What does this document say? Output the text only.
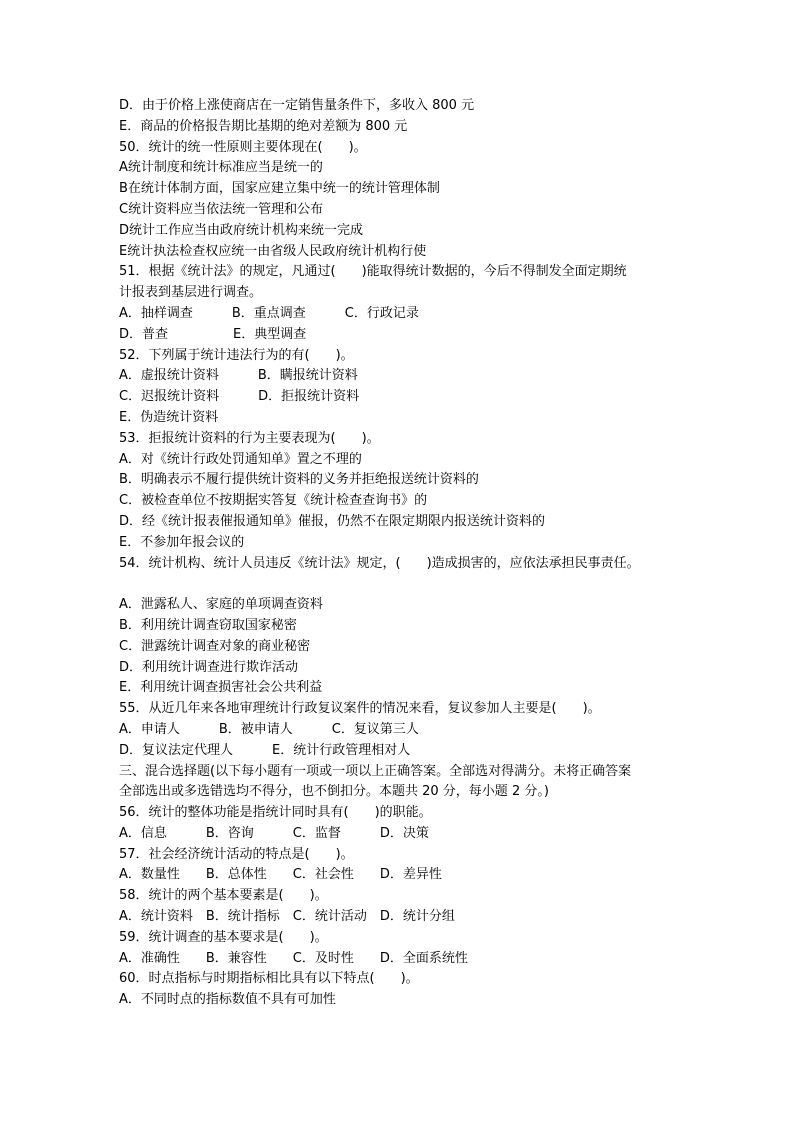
D．由于价格上涨使商店在一定销售量条件下，多收入 800 元
E．商品的价格报告期比基期的绝对差额为 800 元
50．统计的统一性原则主要体现在(　　)。
A统计制度和统计标准应当是统一的
B在统计体制方面，国家应建立集中统一的统计管理体制
C统计资料应当依法统一管理和公布
D统计工作应当由政府统计机构来统一完成
E统计执法检查权应统一由省级人民政府统计机构行使
51．根据《统计法》的规定，凡通过(　　)能取得统计数据的，今后不得制发全面定期统
计报表到基层进行调查。
A．抽样调查　　　B．重点调查　　　C．行政记录
D．普查　　　　　E．典型调查
52．下列属于统计违法行为的有(　　)。
A．虚报统计资料　　　B．瞒报统计资料
C．迟报统计资料　　　D．拒报统计资料
E．伪造统计资料
53．拒报统计资料的行为主要表现为(　　)。
A．对《统计行政处罚通知单》置之不理的
B．明确表示不履行提供统计资料的义务并拒绝报送统计资料的
C．被检查单位不按期据实答复《统计检查查询书》的
D．经《统计报表催报通知单》催报，仍然不在限定期限内报送统计资料的
E．不参加年报会议的
54．统计机构、统计人员违反《统计法》规定，(　　)造成损害的，应依法承担民事责任。
A．泄露私人、家庭的单项调查资料
B．利用统计调查窃取国家秘密
C．泄露统计调查对象的商业秘密
D．利用统计调查进行欺诈活动
E．利用统计调查损害社会公共利益
55．从近几年来各地审理统计行政复议案件的情况来看，复议参加人主要是(　　)。
A．申请人　　　B．被申请人　　　C．复议第三人
D．复议法定代理人　　　E．统计行政管理相对人
三、混合选择题(以下每小题有一项或一项以上正确答案。全部选对得满分。未将正确答案
全部选出或多选错选均不得分，也不倒扣分。本题共 20 分，每小题 2 分。)
56．统计的整体功能是指统计同时具有(　　)的职能。
A．信息　　　B．咨询　　　C．监督　　　D．决策
57．社会经济统计活动的特点是(　　)。
A．数量性　　B．总体性　　C．社会性　　D．差异性
58．统计的两个基本要素是(　　)。
A．统计资料　B．统计指标　C．统计活动　D．统计分组
59．统计调查的基本要求是(　　)。
A．准确性　　B．兼容性　　C．及时性　　D．全面系统性
60．时点指标与时期指标相比具有以下特点(　　)。
A．不同时点的指标数值不具有可加性
